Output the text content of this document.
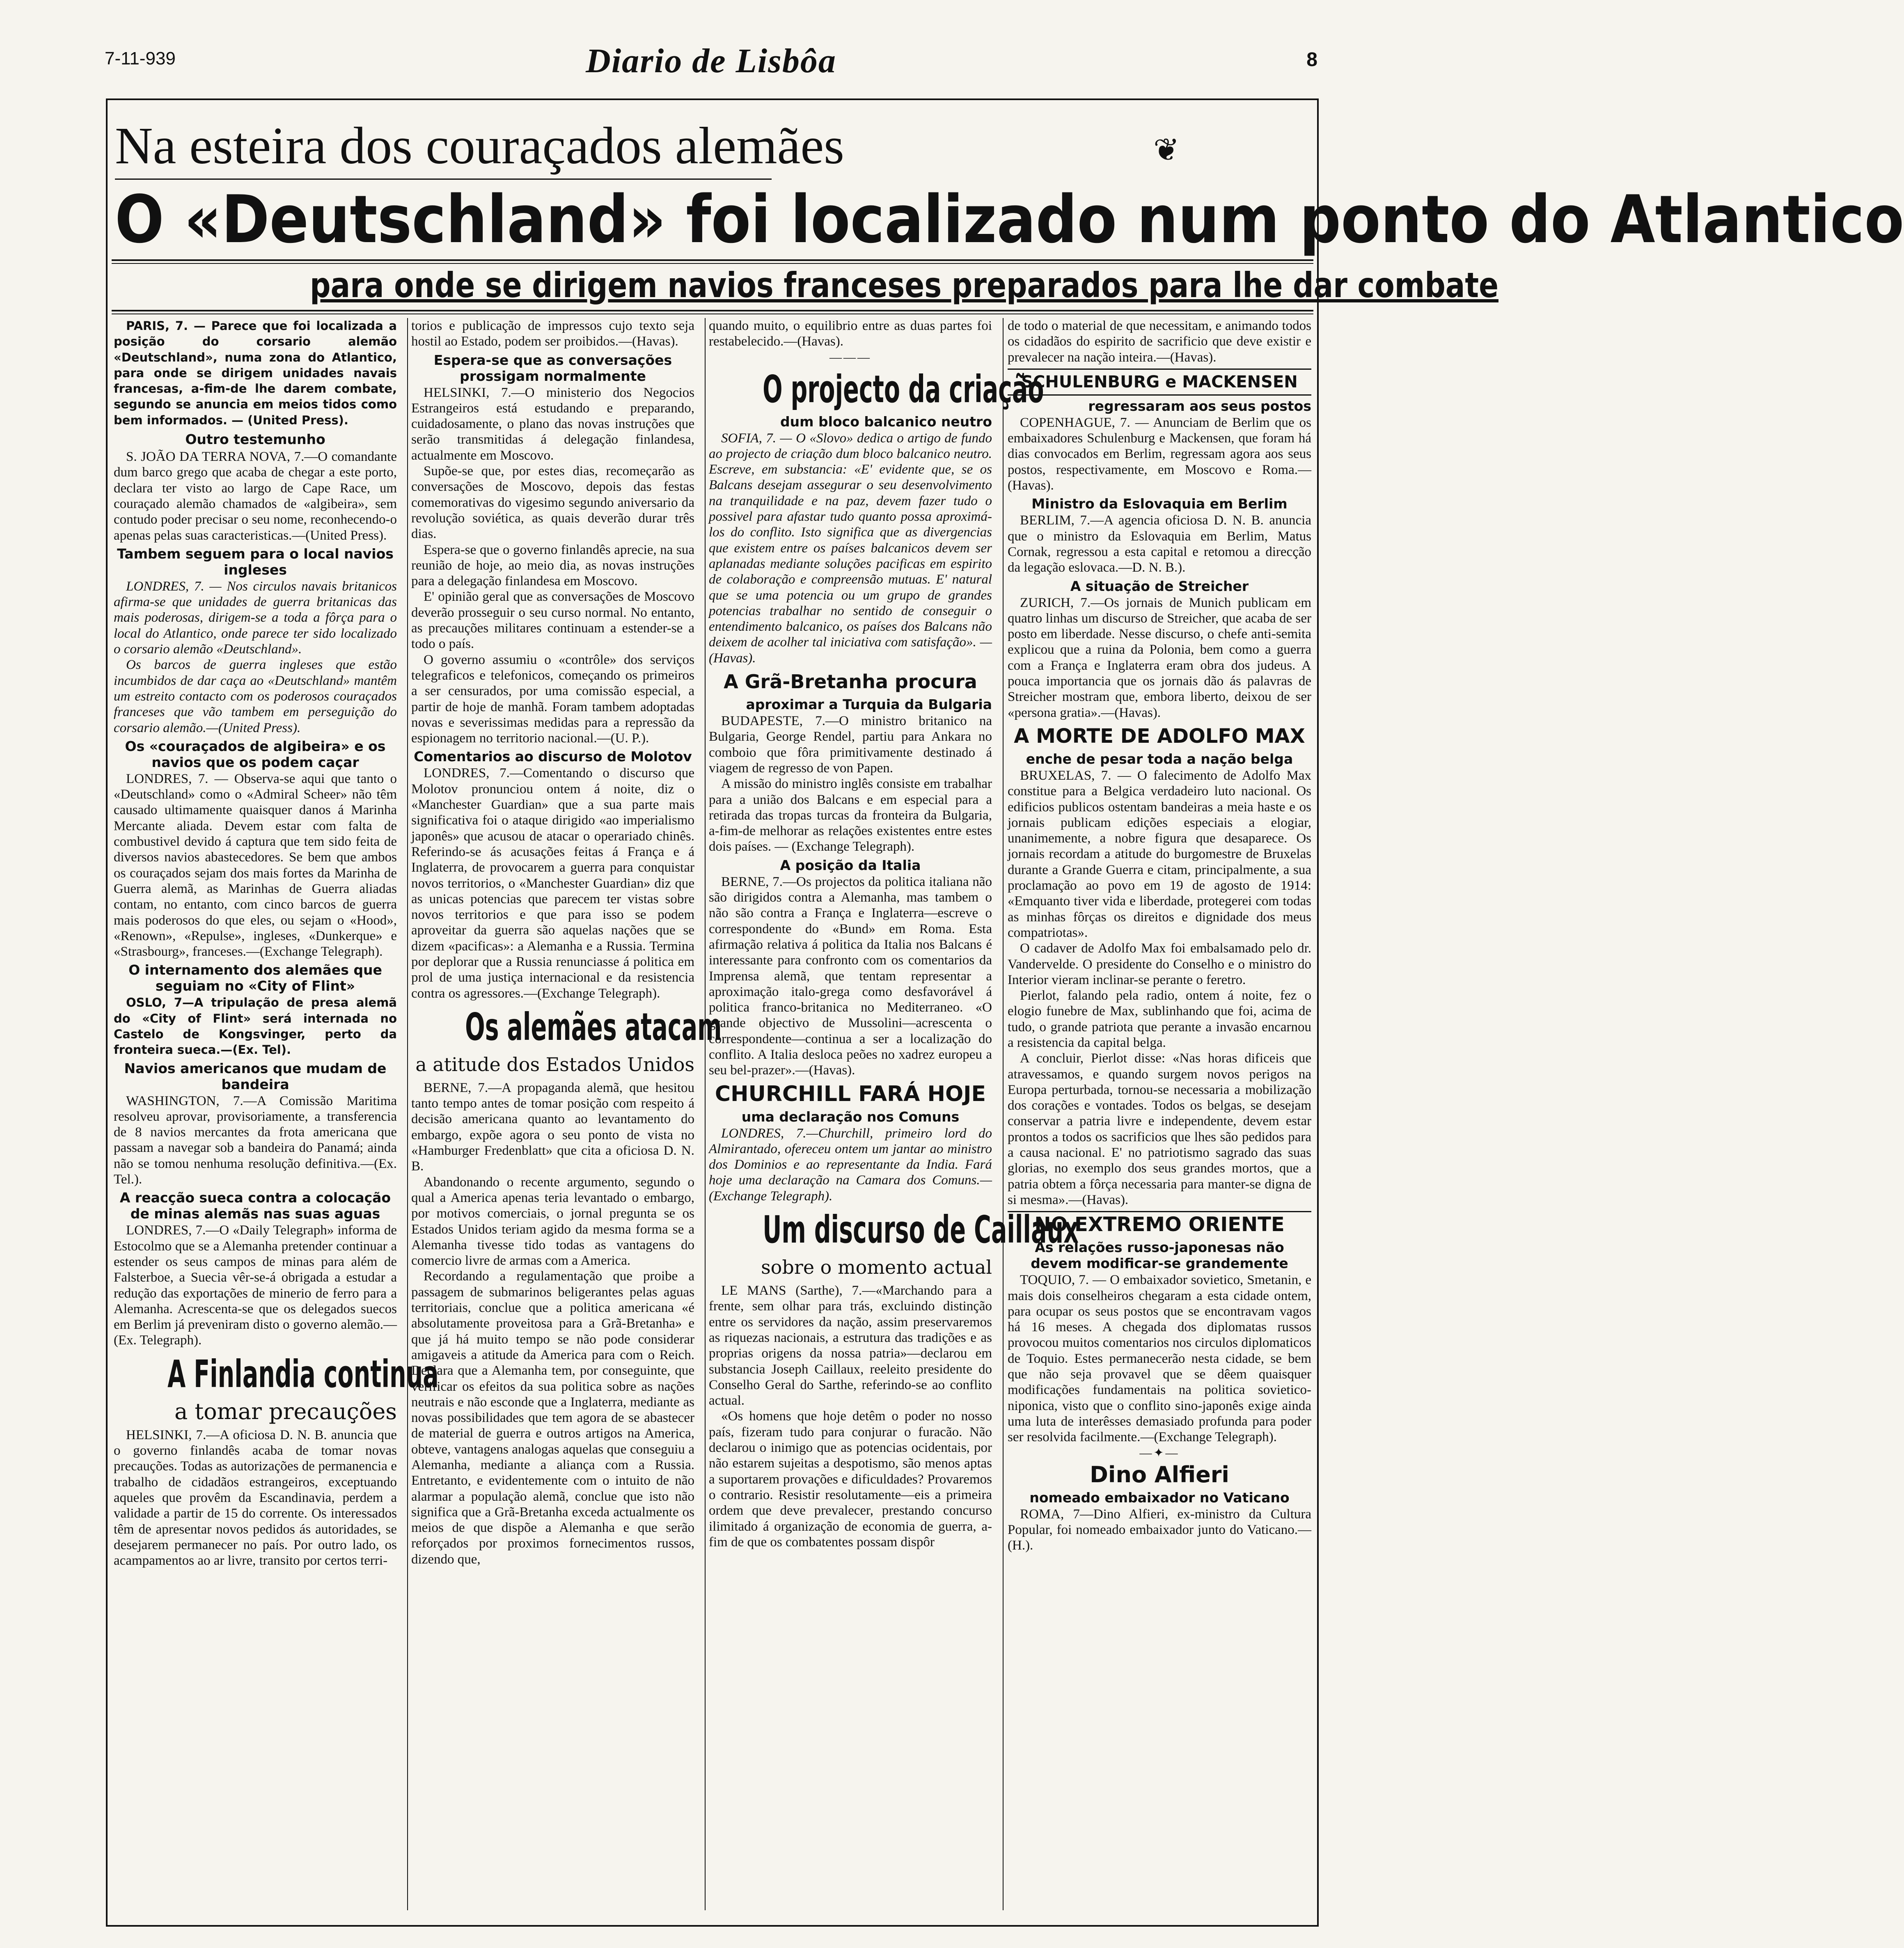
7-11-939	Diario de Lisbôa	8
Na esteira dos couraçados alemães	❦
O «Deutschland» foi localizado num ponto do Atlantico
para onde se dirigem navios franceses preparados para lhe dar combate

PARIS, 7. — Parece que foi localizada a posição do corsario alemão «Deutschland», numa zona do Atlantico, para onde se dirigem unidades navais francesas, a-fim-de lhe darem combate, segundo se anuncia em meios tidos como bem informados. — (United Press).

Outro testemunho

S. JOÃO DA TERRA NOVA, 7.—O comandante dum barco grego que acaba de chegar a este porto, declara ter visto ao largo de Cape Race, um couraçado alemão chamados de «algibeira», sem contudo poder precisar o seu nome, reconhecendo-o apenas pelas suas caracteristicas.—(United Press).

Tambem seguem para o local navios ingleses

LONDRES, 7. — Nos circulos navais britanicos afirma-se que unidades de guerra britanicas das mais poderosas, dirigem-se a toda a fôrça para o local do Atlantico, onde parece ter sido localizado o corsario alemão «Deutschland».

Os barcos de guerra ingleses que estão incumbidos de dar caça ao «Deutschland» mantêm um estreito contacto com os poderosos couraçados franceses que vão tambem em perseguição do corsario alemão.—(United Press).

Os «couraçados de algibeira» e os navios que os podem caçar

LONDRES, 7. — Observa-se aqui que tanto o «Deutschland» como o «Admiral Scheer» não têm causado ultimamente quaisquer danos á Marinha Mercante aliada. Devem estar com falta de combustivel devido á captura que tem sido feita de diversos navios abastecedores. Se bem que ambos os couraçados sejam dos mais fortes da Marinha de Guerra alemã, as Marinhas de Guerra aliadas contam, no entanto, com cinco barcos de guerra mais poderosos do que eles, ou sejam o «Hood», «Renown», «Repulse», ingleses, «Dunkerque» e «Strasbourg», franceses.—(Exchange Telegraph).

O internamento dos alemães que seguiam no «City of Flint»

OSLO, 7—A tripulação de presa alemã do «City of Flint» será internada no Castelo de Kongsvinger, perto da fronteira sueca.—(Ex. Tel).

Navios americanos que mudam de bandeira

WASHINGTON, 7.—A Comissão Maritima resolveu aprovar, provisoriamente, a transferencia de 8 navios mercantes da frota americana que passam a navegar sob a bandeira do Panamá; ainda não se tomou nenhuma resolução definitiva.—(Ex. Tel.).

A reacção sueca contra a colocação de minas alemãs nas suas aguas

LONDRES, 7.—O «Daily Telegraph» informa de Estocolmo que se a Alemanha pretender continuar a estender os seus campos de minas para além de Falsterboe, a Suecia vêr-se-á obrigada a estudar a redução das exportações de minerio de ferro para a Alemanha. Acrescenta-se que os delegados suecos em Berlim já preveniram disto o governo alemão.—(Ex. Telegraph).

A Finlandia continua
a tomar precauções

HELSINKI, 7.—A oficiosa D. N. B. anuncia que o governo finlandês acaba de tomar novas precauções. Todas as autorizações de permanencia e trabalho de cidadãos estrangeiros, exceptuando aqueles que provêm da Escandinavia, perdem a validade a partir de 15 do corrente. Os interessados têm de apresentar novos pedidos ás autoridades, se desejarem permanecer no país. Por outro lado, os acampamentos ao ar livre, transito por certos terri-

torios e publicação de impressos cujo texto seja hostil ao Estado, podem ser proibidos.—(Havas).

Espera-se que as conversações prossigam normalmente

HELSINKI, 7.—O ministerio dos Negocios Estrangeiros está estudando e preparando, cuidadosamente, o plano das novas instruções que serão transmitidas á delegação finlandesa, actualmente em Moscovo.

Supõe-se que, por estes dias, recomeçarão as conversações de Moscovo, depois das festas comemorativas do vigesimo segundo aniversario da revolução soviética, as quais deverão durar três dias.

Espera-se que o governo finlandês aprecie, na sua reunião de hoje, ao meio dia, as novas instruções para a delegação finlandesa em Moscovo.

E' opinião geral que as conversações de Moscovo deverão prosseguir o seu curso normal. No entanto, as precauções militares continuam a estender-se a todo o país.

O governo assumiu o «contrôle» dos serviços telegraficos e telefonicos, começando os primeiros a ser censurados, por uma comissão especial, a partir de hoje de manhã. Foram tambem adoptadas novas e severissimas medidas para a repressão da espionagem no territorio nacional.—(U. P.).

Comentarios ao discurso de Molotov

LONDRES, 7.—Comentando o discurso que Molotov pronunciou ontem á noite, diz o «Manchester Guardian» que a sua parte mais significativa foi o ataque dirigido «ao imperialismo japonês» que acusou de atacar o operariado chinês. Referindo-se ás acusações feitas á França e á Inglaterra, de provocarem a guerra para conquistar novos territorios, o «Manchester Guardian» diz que as unicas potencias que parecem ter vistas sobre novos territorios e que para isso se podem aproveitar da guerra são aquelas nações que se dizem «pacificas»: a Alemanha e a Russia. Termina por deplorar que a Russia renunciasse á politica em prol de uma justiça internacional e da resistencia contra os agressores.—(Exchange Telegraph).

Os alemães atacam
a atitude dos Estados Unidos

BERNE, 7.—A propaganda alemã, que hesitou tanto tempo antes de tomar posição com respeito á decisão americana quanto ao levantamento do embargo, expõe agora o seu ponto de vista no «Hamburger Fredenblatt» que cita a oficiosa D. N. B.

Abandonando o recente argumento, segundo o qual a America apenas teria levantado o embargo, por motivos comerciais, o jornal pregunta se os Estados Unidos teriam agido da mesma forma se a Alemanha tivesse tido todas as vantagens do comercio livre de armas com a America.

Recordando a regulamentação que proibe a passagem de submarinos beligerantes pelas aguas territoriais, conclue que a politica americana «é absolutamente proveitosa para a Grã-Bretanha» e que já há muito tempo se não pode considerar amigaveis a atitude da America para com o Reich. Declara que a Alemanha tem, por conseguinte, que verificar os efeitos da sua politica sobre as nações neutrais e não esconde que a Inglaterra, mediante as novas possibilidades que tem agora de se abastecer de material de guerra e outros artigos na America, obteve, vantagens analogas aquelas que conseguiu a Alemanha, mediante a aliança com a Russia. Entretanto, e evidentemente com o intuito de não alarmar a população alemã, conclue que isto não significa que a Grã-Bretanha exceda actualmente os meios de que dispõe a Alemanha e que serão reforçados por proximos fornecimentos russos, dizendo que,

quando muito, o equilibrio entre as duas partes foi restabelecido.—(Havas).

———
O projecto da criação
dum bloco balcanico neutro

SOFIA, 7. — O «Slovo» dedica o artigo de fundo ao projecto de criação dum bloco balcanico neutro. Escreve, em substancia: «E' evidente que, se os Balcans desejam assegurar o seu desenvolvimento na tranquilidade e na paz, devem fazer tudo o possivel para afastar tudo quanto possa aproximá-los do conflito. Isto significa que as divergencias que existem entre os países balcanicos devem ser aplanadas mediante soluções pacificas em espirito de colaboração e compreensão mutuas. E' natural que se uma potencia ou um grupo de grandes potencias trabalhar no sentido de conseguir o entendimento balcanico, os países dos Balcans não deixem de acolher tal iniciativa com satisfação». — (Havas).

A Grã-Bretanha procura
aproximar a Turquia da Bulgaria

BUDAPESTE, 7.—O ministro britanico na Bulgaria, George Rendel, partiu para Ankara no comboio que fôra primitivamente destinado á viagem de regresso de von Papen.

A missão do ministro inglês consiste em trabalhar para a união dos Balcans e em especial para a retirada das tropas turcas da fronteira da Bulgaria, a-fim-de melhorar as relações existentes entre estes dois países. — (Exchange Telegraph).

A posição da Italia

BERNE, 7.—Os projectos da politica italiana não são dirigidos contra a Alemanha, mas tambem o não são contra a França e Inglaterra—escreve o correspondente do «Bund» em Roma. Esta afirmação relativa á politica da Italia nos Balcans é interessante para confronto com os comentarios da Imprensa alemã, que tentam representar a aproximação italo-grega como desfavorável á politica franco-britanica no Mediterraneo. «O grande objectivo de Mussolini—acrescenta o correspondente—continua a ser a localização do conflito. A Italia desloca peões no xadrez europeu a seu bel-prazer».—(Havas).

CHURCHILL FARÁ HOJE
uma declaração nos Comuns

LONDRES, 7.—Churchill, primeiro lord do Almirantado, ofereceu ontem um jantar ao ministro dos Dominios e ao representante da India. Fará hoje uma declaração na Camara dos Comuns.—(Exchange Telegraph).

Um discurso de Caillaux
sobre o momento actual

LE MANS (Sarthe), 7.—«Marchando para a frente, sem olhar para trás, excluindo distinção entre os servidores da nação, assim preservaremos as riquezas nacionais, a estrutura das tradições e as proprias origens da nossa patria»—declarou em substancia Joseph Caillaux, reeleito presidente do Conselho Geral do Sarthe, referindo-se ao conflito actual.

«Os homens que hoje detêm o poder no nosso país, fizeram tudo para conjurar o furacão. Não declarou o inimigo que as potencias ocidentais, por não estarem sujeitas a despotismo, são menos aptas a suportarem provações e dificuldades? Provaremos o contrario. Resistir resolutamente—eis a primeira ordem que deve prevalecer, prestando concurso ilimitado á organização de economia de guerra, a-fim de que os combatentes possam dispôr

de todo o material de que necessitam, e animando todos os cidadãos do espirito de sacrificio que deve existir e prevalecer na nação inteira.—(Havas).

SCHULENBURG e MACKENSEN
regressaram aos seus postos

COPENHAGUE, 7. — Anunciam de Berlim que os embaixadores Schulenburg e Mackensen, que foram há dias convocados em Berlim, regressam agora aos seus postos, respectivamente, em Moscovo e Roma.—(Havas).

Ministro da Eslovaquia em Berlim

BERLIM, 7.—A agencia oficiosa D. N. B. anuncia que o ministro da Eslovaquia em Berlim, Matus Cornak, regressou a esta capital e retomou a direcção da legação eslovaca.—D. N. B.).

A situação de Streicher

ZURICH, 7.—Os jornais de Munich publicam em quatro linhas um discurso de Streicher, que acaba de ser posto em liberdade. Nesse discurso, o chefe anti-semita explicou que a ruina da Polonia, bem como a guerra com a França e Inglaterra eram obra dos judeus. A pouca importancia que os jornais dão ás palavras de Streicher mostram que, embora liberto, deixou de ser «persona gratia».—(Havas).

A MORTE DE ADOLFO MAX
enche de pesar toda a nação belga

BRUXELAS, 7. — O falecimento de Adolfo Max constitue para a Belgica verdadeiro luto nacional. Os edificios publicos ostentam bandeiras a meia haste e os jornais publicam edições especiais a elogiar, unanimemente, a nobre figura que desaparece. Os jornais recordam a atitude do burgomestre de Bruxelas durante a Grande Guerra e citam, principalmente, a sua proclamação ao povo em 19 de agosto de 1914: «Emquanto tiver vida e liberdade, protegerei com todas as minhas fôrças os direitos e dignidade dos meus compatriotas».

O cadaver de Adolfo Max foi embalsamado pelo dr. Vandervelde. O presidente do Conselho e o ministro do Interior vieram inclinar-se perante o feretro.

Pierlot, falando pela radio, ontem á noite, fez o elogio funebre de Max, sublinhando que foi, acima de tudo, o grande patriota que perante a invasão encarnou a resistencia da capital belga.

A concluir, Pierlot disse: «Nas horas dificeis que atravessamos, e quando surgem novos perigos na Europa perturbada, tornou-se necessaria a mobilização dos corações e vontades. Todos os belgas, se desejam conservar a patria livre e independente, devem estar prontos a todos os sacrificios que lhes são pedidos para a causa nacional. E' no patriotismo sagrado das suas glorias, no exemplo dos seus grandes mortos, que a patria obtem a fôrça necessaria para manter-se digna de si mesma».—(Havas).

NO EXTREMO ORIENTE
As relações russo-japonesas não devem modificar-se grandemente

TOQUIO, 7. — O embaixador sovietico, Smetanin, e mais dois conselheiros chegaram a esta cidade ontem, para ocupar os seus postos que se encontravam vagos há 16 meses. A chegada dos diplomatas russos provocou muitos comentarios nos circulos diplomaticos de Toquio. Estes permanecerão nesta cidade, se bem que não seja provavel que se dêem quaisquer modificações fundamentais na politica sovietico-niponica, visto que o conflito sino-japonês exige ainda uma luta de interêsses demasiado profunda para poder ser resolvida facilmente.—(Exchange Telegraph).

—✦—
Dino Alfieri
nomeado embaixador no Vaticano

ROMA, 7—Dino Alfieri, ex-ministro da Cultura Popular, foi nomeado embaixador junto do Vaticano.—(H.).
